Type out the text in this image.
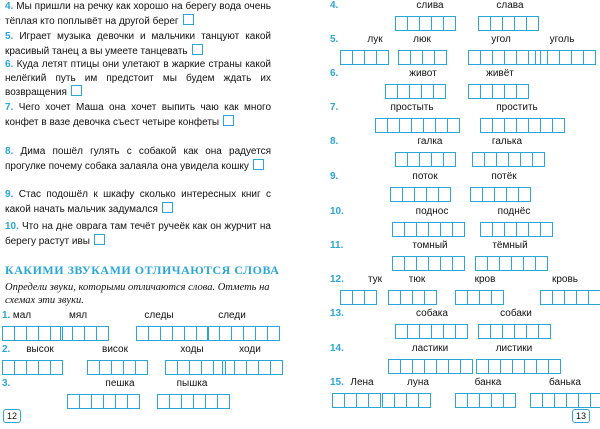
4. Мы пришли на речку как хорошо на берегу вода очень тёплая кто поплывёт на другой берег
5. Играет музыка девочки и мальчики танцуют какой красивый танец а вы умеете танцевать
6. Куда летят птицы они улетают в жаркие страны какой нелёгкий путь им предстоит мы будем ждать их возвращения
7. Чего хочет Маша она хочет выпить чаю как много конфет в вазе девочка съест четыре конфеты
8. Дима пошёл гулять с собакой как она радуется прогулке почему собака залаяла она увидела кошку
9. Стас подошёл к шкафу сколько интересных книг с какой начать мальчик задумался
10. Что на дне оврага там течёт ручеёк как он журчит на берегу растут ивы
КАКИМИ ЗВУКАМИ ОТЛИЧАЮТСЯ СЛОВА
Определи звуки, которыми отличаются слова. Отметь на схемах эти звуки.
1. мал	мял	следы	следи
2. высок	висок	ходы	ходи
3.	пешка	пышка
4.	слива	слава
5.	лук	люк	угол	уголь
6.	живот	живёт
7.	простыть	простить
8.	галка	галька
9.	поток	потёк
10.	поднос	поднёс
11.	томный	тёмный
12. тук	тюк	кров	кровь
13.	собака	собаки
14.	ластики	листики
15. Лена	луна	банка	банька
12	13
